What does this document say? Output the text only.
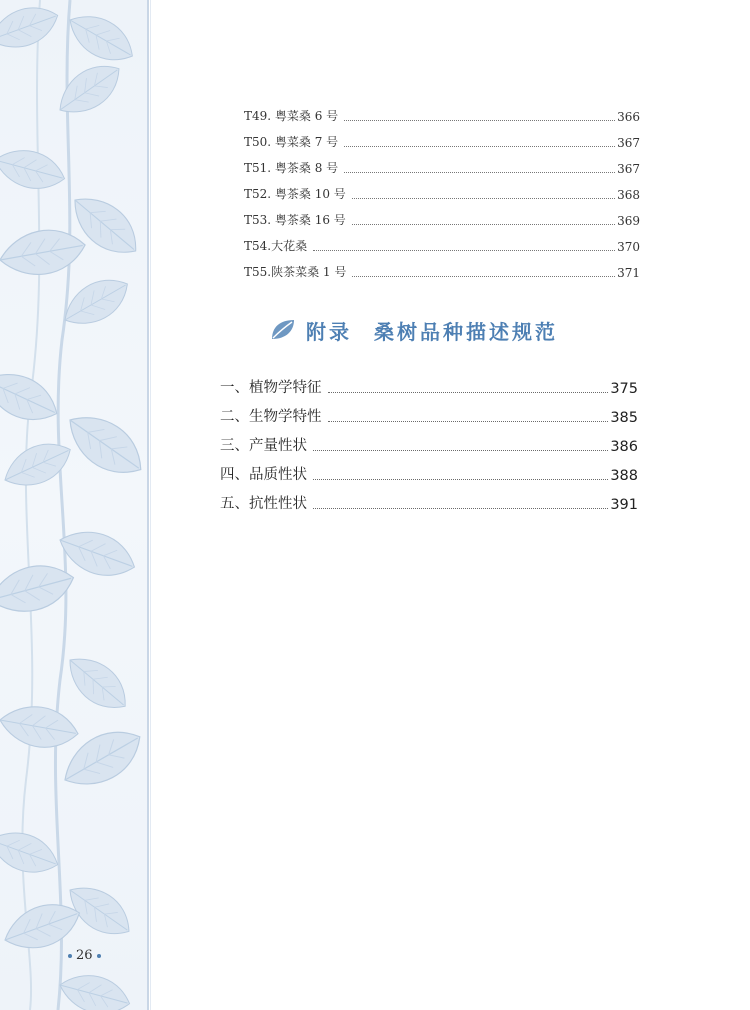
26
T49. 粤菜桑 6 号	366
T50. 粤菜桑 7 号	367
T51. 粤茶桑 8 号	367
T52. 粤茶桑 10 号	368
T53. 粤茶桑 16 号	369
T54.大花桑	370
T55.陕茶菜桑 1 号	371
附录 桑树品种描述规范
一、植物学特征	375
二、生物学特性	385
三、产量性状	386
四、品质性状	388
五、抗性性状	391
